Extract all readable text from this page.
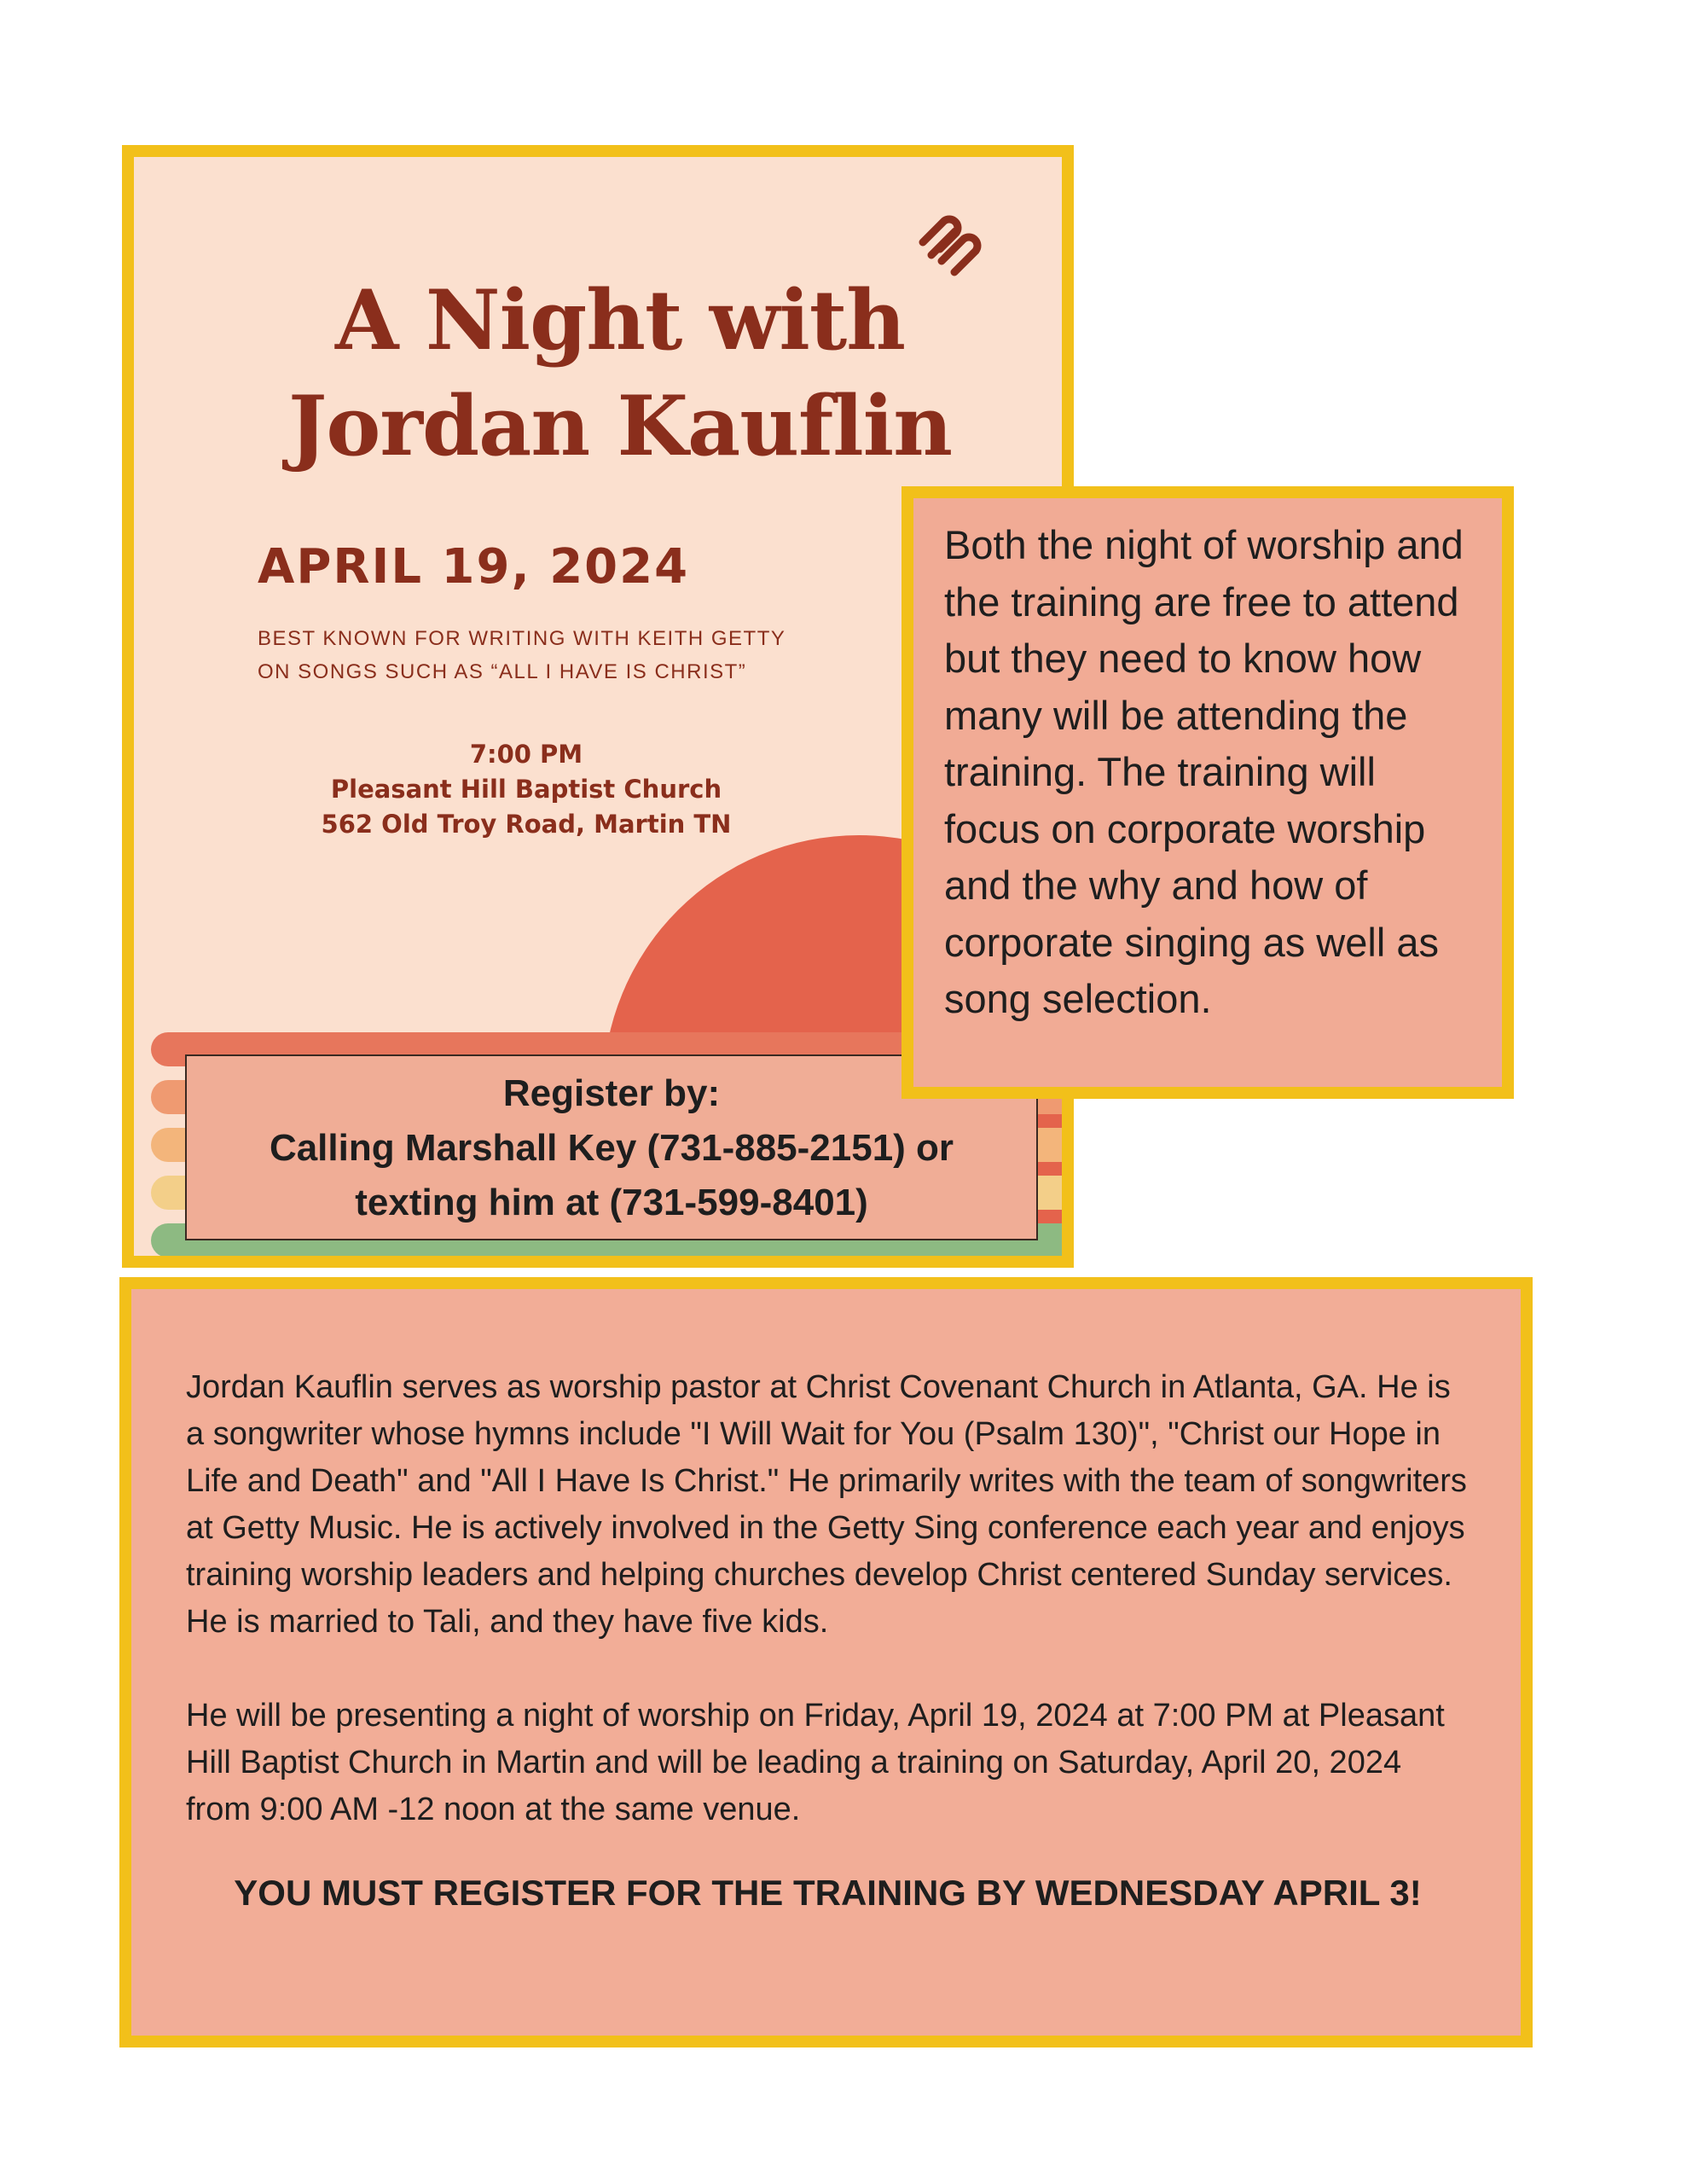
A Night with
Jordan Kauflin
APRIL 19, 2024
BEST KNOWN FOR WRITING WITH KEITH GETTY
ON SONGS SUCH AS “ALL I HAVE IS CHRIST”
7:00 PM
Pleasant Hill Baptist Church
562 Old Troy Road, Martin TN
Register by:
Calling Marshall Key (731-885-2151) or
texting him at (731-599-8401)
Both the night of worship and the training are free to attend but they need to know how many will be attending the training. The training will focus on corporate worship and the why and how of corporate singing as well as song selection.

Jordan Kauflin serves as worship pastor at Christ Covenant Church in Atlanta, GA. He is a songwriter whose hymns include "I Will Wait for You (Psalm 130)", "Christ our Hope in Life and Death" and "All I Have Is Christ." He primarily writes with the team of songwriters at Getty Music. He is actively involved in the Getty Sing conference each year and enjoys training worship leaders and helping churches develop Christ centered Sunday services. He is married to Tali, and they have five kids.

He will be presenting a night of worship on Friday, April 19, 2024 at 7:00 PM at Pleasant Hill Baptist Church in Martin and will be leading a training on Saturday, April 20, 2024 from 9:00 AM -12 noon at the same venue.

YOU MUST REGISTER FOR THE TRAINING BY WEDNESDAY APRIL 3!
